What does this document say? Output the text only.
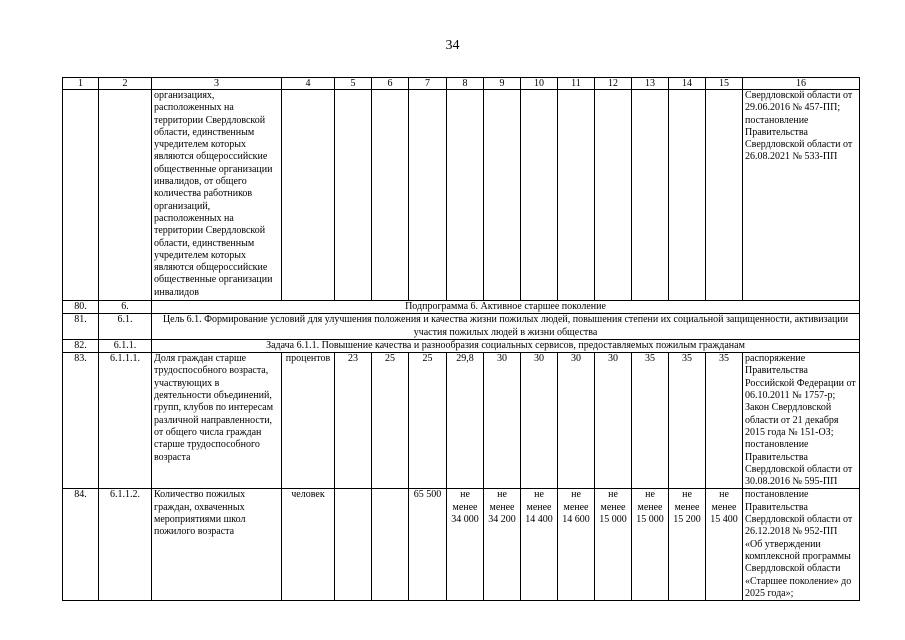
34
1	2	3	4	5	6	7	8	9	10	11	12	13	14	15	16
		организациях, расположенных на территории Свердловской области, единственным учредителем которых являются общероссийские общественные организации инвалидов, от общего количества работников организаций, расположенных на территории Свердловской области, единственным учредителем которых являются общероссийские общественные организации инвалидов													Свердловской области от 29.06.2016 № 457-ПП; постановление Правительства Свердловской области от 26.08.2021 № 533-ПП
80.	6.	Подпрограмма 6. Активное старшее поколение													
81.	6.1.	Цель 6.1. Формирование условий для улучшения положения и качества жизни пожилых людей, повышения степени их социальной защищенности, активизации участия пожилых людей в жизни общества													
82.	6.1.1.	Задача 6.1.1. Повышение качества и разнообразия социальных сервисов, предоставляемых пожилым гражданам													
83.	6.1.1.1.	Доля граждан старше трудоспособного возраста, участвующих в деятельности объединений, групп, клубов по интересам различной направленности, от общего числа граждан старше трудоспособного возраста	процентов	23	25	25	29,8	30	30	30	30	35	35	35	распоряжение Правительства Российской Федерации от 06.10.2011 № 1757-р; Закон Свердловской области от 21 декабря 2015 года № 151-ОЗ; постановление Правительства Свердловской области от 30.08.2016 № 595-ПП
84.	6.1.1.2.	Количество пожилых граждан, охваченных мероприятиями школ пожилого возраста	человек			65 500	не менее 34 000	не менее 34 200	не менее 14 400	не менее 14 600	не менее 15 000	не менее 15 000	не менее 15 200	не менее 15 400	постановление Правительства Свердловской области от 26.12.2018 № 952-ПП «Об утверждении комплексной программы Свердловской области «Старшее поколение» до 2025 года»;
